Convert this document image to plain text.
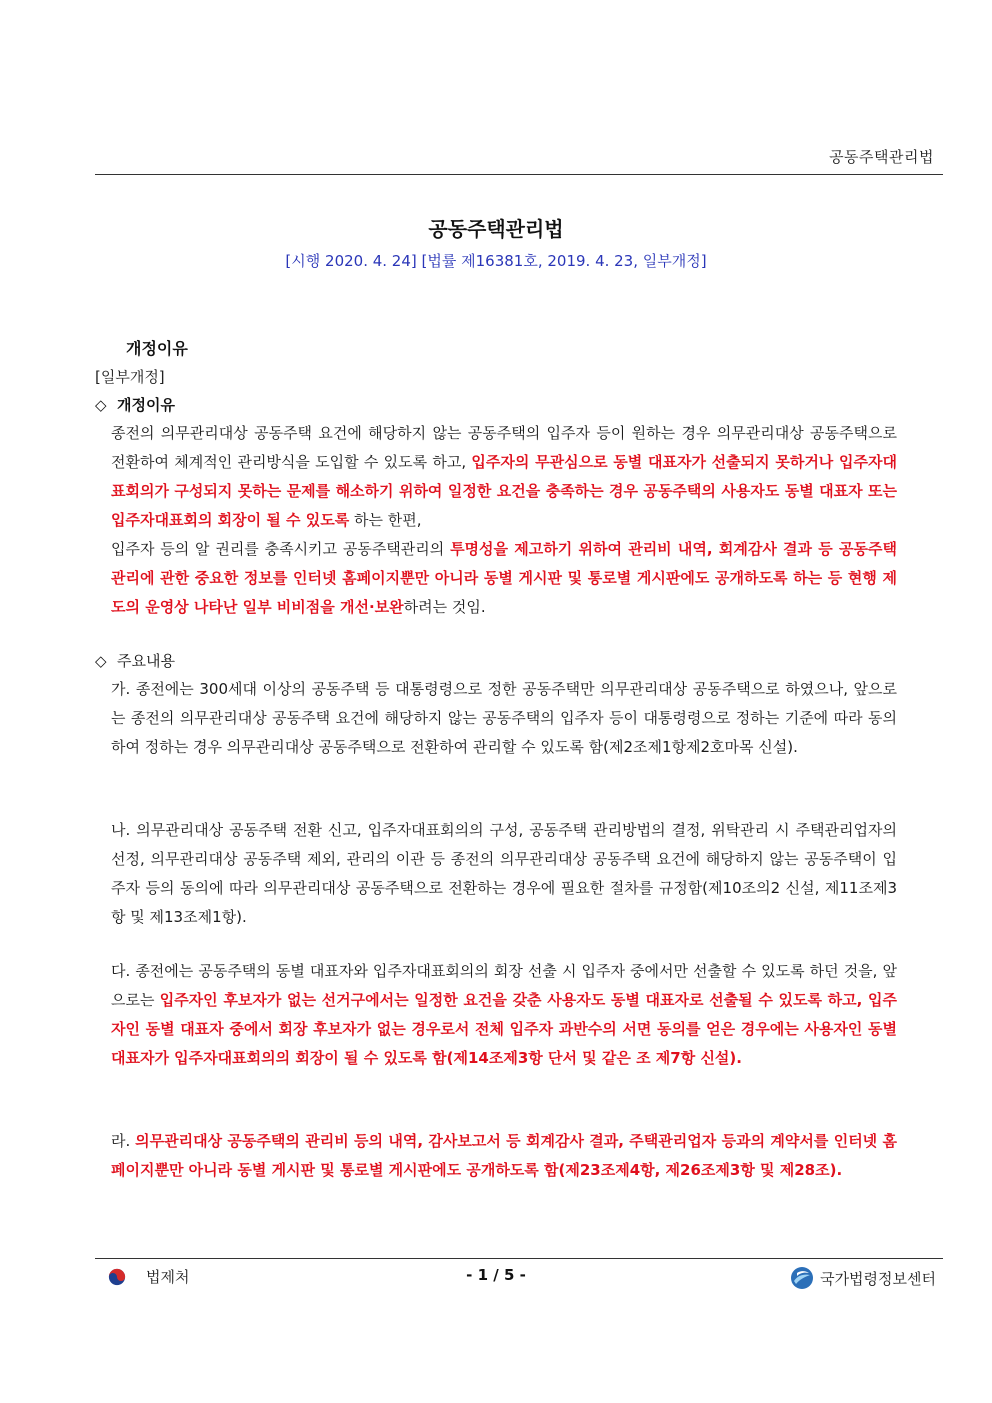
공동주택관리법
공동주택관리법
[시행 2020. 4. 24] [법률 제16381호, 2019. 4. 23, 일부개정]
개정이유
[일부개정]
◇ 개정이유
종전의 의무관리대상 공동주택 요건에 해당하지 않는 공동주택의 입주자 등이 원하는 경우 의무관리대상 공동주택으로 전환하여 체계적인 관리방식을 도입할 수 있도록 하고, 입주자의 무관심으로 동별 대표자가 선출되지 못하거나 입주자대표회의가 구성되지 못하는 문제를 해소하기 위하여 일정한 요건을 충족하는 경우 공동주택의 사용자도 동별 대표자 또는 입주자대표회의 회장이 될 수 있도록 하는 한편,
입주자 등의 알 권리를 충족시키고 공동주택관리의 투명성을 제고하기 위하여 관리비 내역, 회계감사 결과 등 공동주택관리에 관한 중요한 정보를 인터넷 홈페이지뿐만 아니라 동별 게시판 및 통로별 게시판에도 공개하도록 하는 등 현행 제도의 운영상 나타난 일부 비비점을 개선·보완하려는 것임.
◇ 주요내용
가. 종전에는 300세대 이상의 공동주택 등 대통령령으로 정한 공동주택만 의무관리대상 공동주택으로 하였으나, 앞으로는 종전의 의무관리대상 공동주택 요건에 해당하지 않는 공동주택의 입주자 등이 대통령령으로 정하는 기준에 따라 동의하여 정하는 경우 의무관리대상 공동주택으로 전환하여 관리할 수 있도록 함(제2조제1항제2호마목 신설).
나. 의무관리대상 공동주택 전환 신고, 입주자대표회의의 구성, 공동주택 관리방법의 결정, 위탁관리 시 주택관리업자의 선정, 의무관리대상 공동주택 제외, 관리의 이관 등 종전의 의무관리대상 공동주택 요건에 해당하지 않는 공동주택이 입주자 등의 동의에 따라 의무관리대상 공동주택으로 전환하는 경우에 필요한 절차를 규정함(제10조의2 신설, 제11조제3항 및 제13조제1항).
다. 종전에는 공동주택의 동별 대표자와 입주자대표회의의 회장 선출 시 입주자 중에서만 선출할 수 있도록 하던 것을, 앞으로는 입주자인 후보자가 없는 선거구에서는 일정한 요건을 갖춘 사용자도 동별 대표자로 선출될 수 있도록 하고, 입주자인 동별 대표자 중에서 회장 후보자가 없는 경우로서 전체 입주자 과반수의 서면 동의를 얻은 경우에는 사용자인 동별 대표자가 입주자대표회의의 회장이 될 수 있도록 함(제14조제3항 단서 및 같은 조 제7항 신설).
라. 의무관리대상 공동주택의 관리비 등의 내역, 감사보고서 등 회계감사 결과, 주택관리업자 등과의 계약서를 인터넷 홈페이지뿐만 아니라 동별 게시판 및 통로별 게시판에도 공개하도록 함(제23조제4항, 제26조제3항 및 제28조).
법제처	- 1 / 5 -	국가법령정보센터
